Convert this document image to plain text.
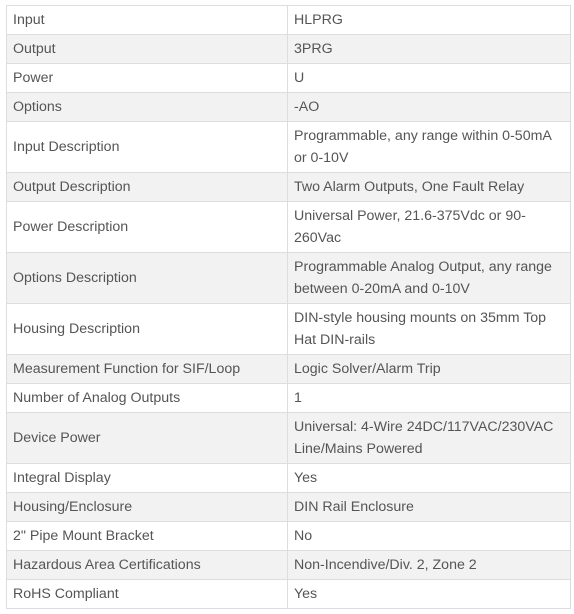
Input	HLPRG
Output	3PRG
Power	U
Options	-AO
Input Description	Programmable, any range within 0-50mA or 0-10V
Output Description	Two Alarm Outputs, One Fault Relay
Power Description	Universal Power, 21.6-375Vdc or 90-260Vac
Options Description	Programmable Analog Output, any range between 0-20mA and 0-10V
Housing Description	DIN-style housing mounts on 35mm Top Hat DIN-rails
Measurement Function for SIF/Loop	Logic Solver/Alarm Trip
Number of Analog Outputs	1
Device Power	Universal: 4-Wire 24DC/117VAC/230VAC Line/Mains Powered
Integral Display	Yes
Housing/Enclosure	DIN Rail Enclosure
2" Pipe Mount Bracket	No
Hazardous Area Certifications	Non-Incendive/Div. 2, Zone 2
RoHS Compliant	Yes
